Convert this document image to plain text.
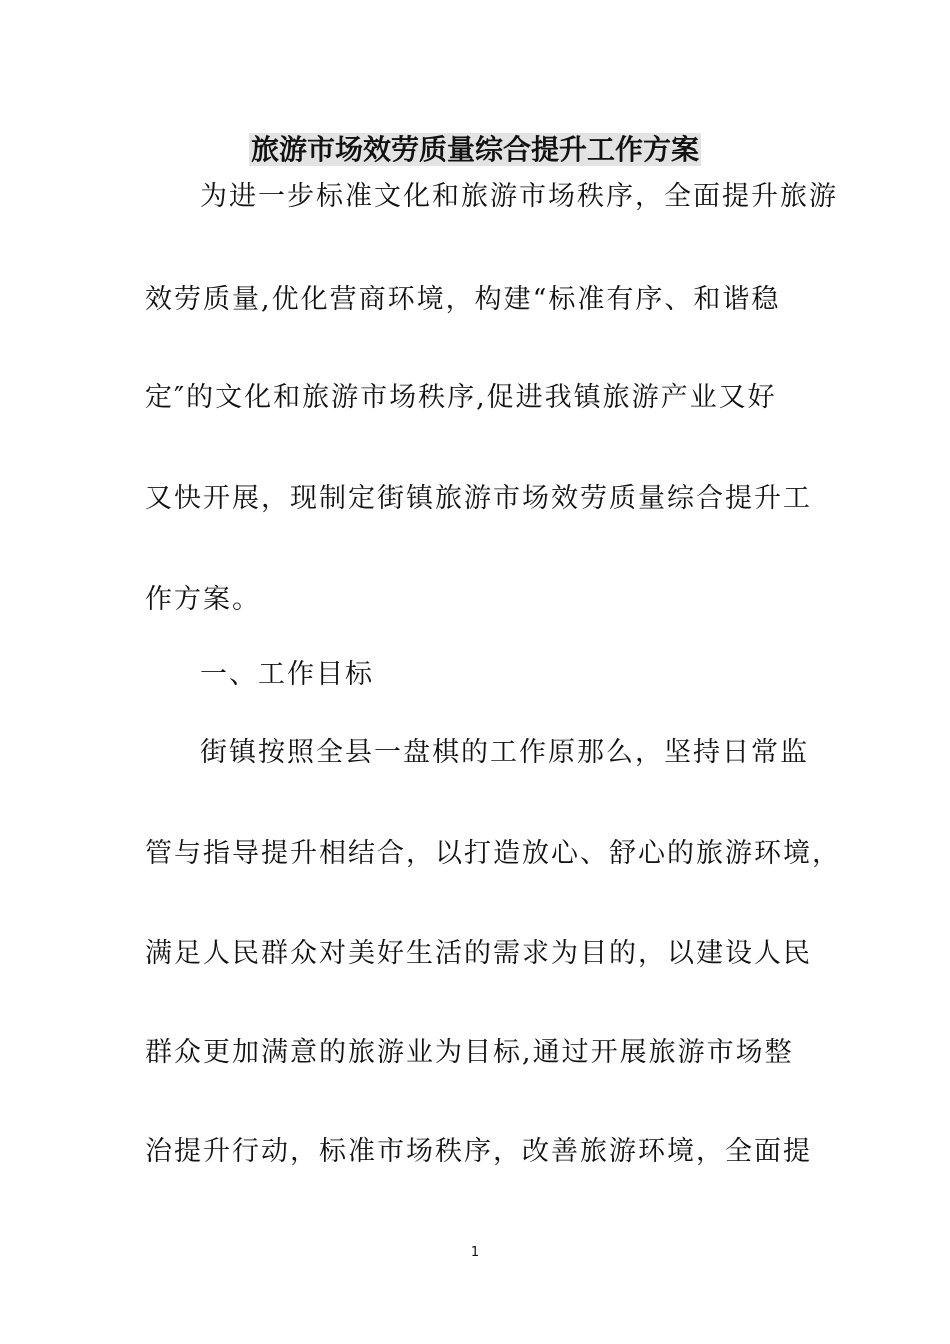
旅游市场效劳质量综合提升工作方案
为进一步标准文化和旅游市场秩序，全面提升旅游
效劳质量,优化营商环境，构建“标准有序、和谐稳
定″的文化和旅游市场秩序,促进我镇旅游产业又好
又快开展，现制定街镇旅游市场效劳质量综合提升工
作方案。
一、工作目标
街镇按照全县一盘棋的工作原那么，坚持日常监
管与指导提升相结合，以打造放心、舒心的旅游环境，
满足人民群众对美好生活的需求为目的，以建设人民
群众更加满意的旅游业为目标,通过开展旅游市场整
治提升行动，标准市场秩序，改善旅游环境，全面提
1
